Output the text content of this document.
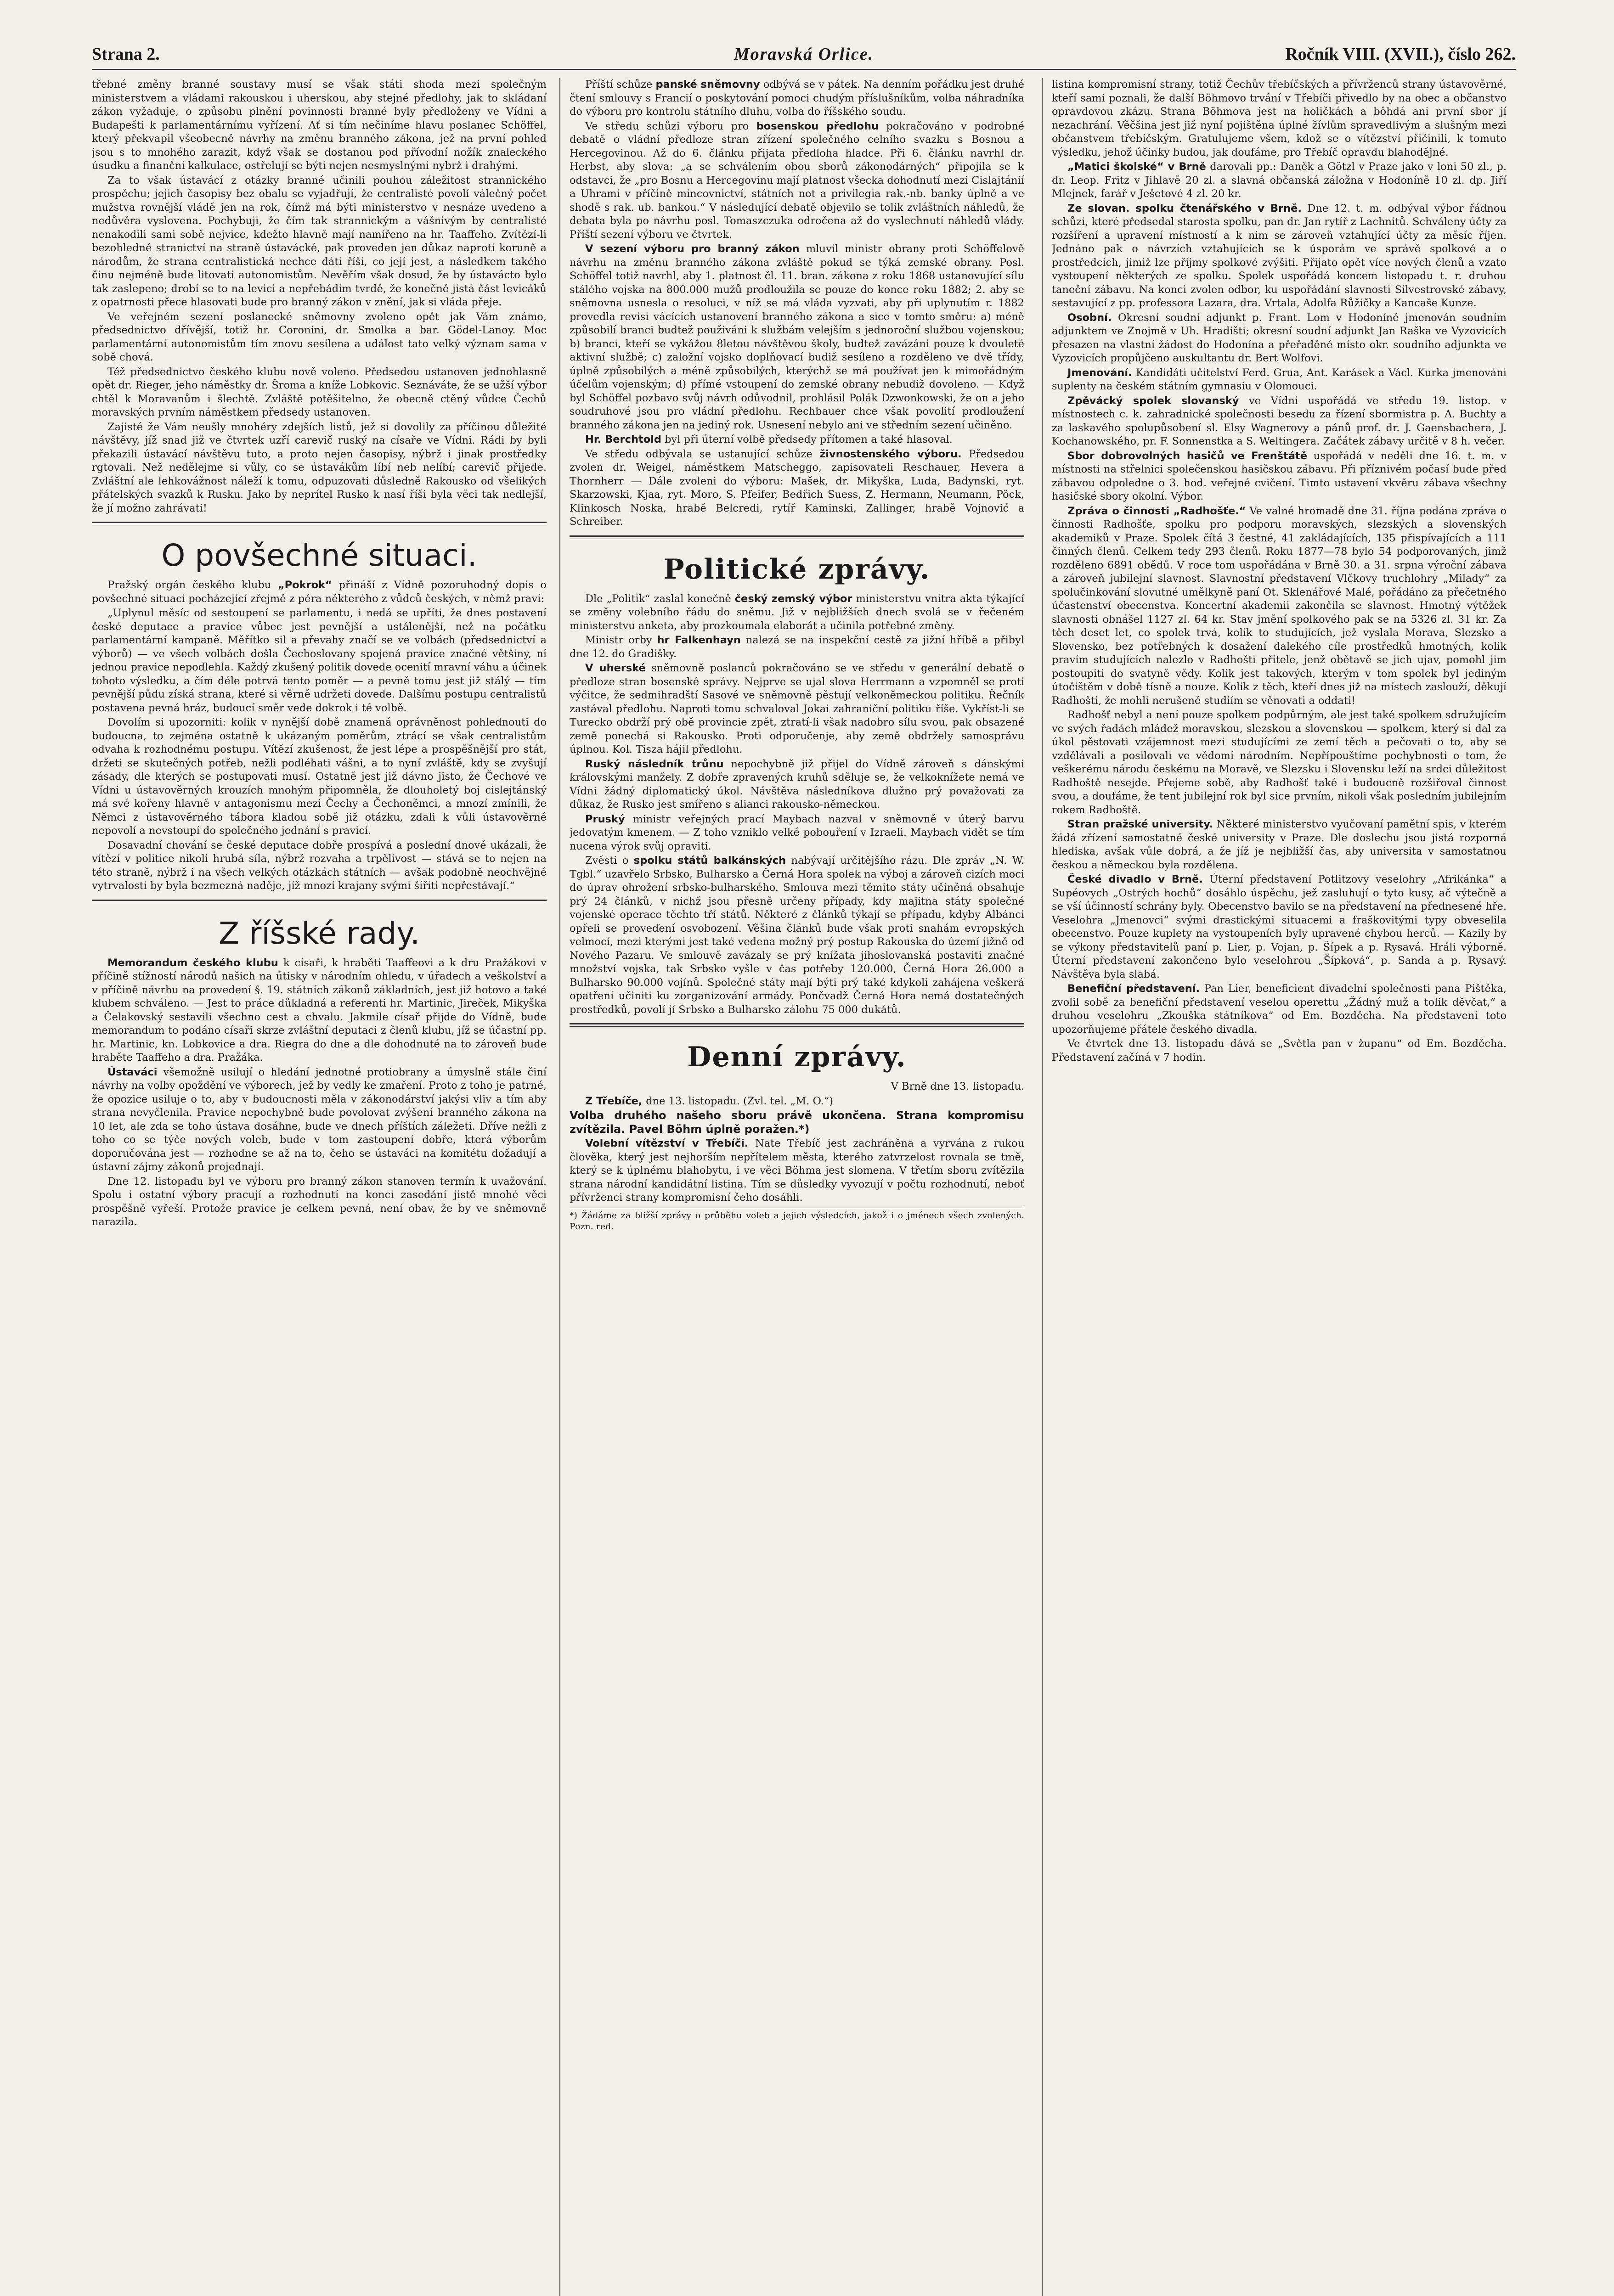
Strana 2.	Moravská Orlice.	Ročník VIII. (XVII.), číslo 262.

třebné změny branné soustavy musí se však státi shoda mezi společným ministerstvem a vládami rakouskou i uherskou, aby stejné předlohy, jak to skládaní zákon vyžaduje, o způsobu plnění povinnosti branné byly předloženy ve Vídni a Budapešti k parlamentárnímu vyřízení. Ať si tím nečiníme hlavu poslanec Schöffel, který překvapil všeobecně návrhy na změnu branného zákona, jež na první pohled jsou s to mnohého zarazit, když však se dostanou pod přívodní nožík znaleckého úsudku a finanční kalkulace, ostřelují se býti nejen nesmyslnými nybrž i drahými.

Za to však ústavácí z otázky branné učinili pouhou záležitost strannického prospěchu; jejich časopisy bez obalu se vyjadřují, že centralisté povolí válečný počet mužstva rovnější vládě jen na rok, čímž má býti ministerstvo v nesnáze uvedeno a nedůvěra vyslovena. Pochybuji, že čím tak strannickým a vášnivým by centralisté nenakodili sami sobě nejvice, kdežto hlavně mají namířeno na hr. Taaffeho. Zvítězí-li bezohledné stranictví na straně ústavácké, pak proveden jen důkaz naproti koruně a národům, že strana centralistická nechce dáti říši, co její jest, a následkem takého činu nejméně bude litovati autonomistům. Nevěřím však dosud, že by ústavácto bylo tak zaslepeno; drobí se to na levici a nepřebádím tvrdě, že konečně jistá část levicáků z opatrnosti přece hlasovati bude pro branný zákon v znění, jak si vláda přeje.

Ve veřejném sezení poslanecké sněmovny zvoleno opět jak Vám známo, předsednictvo dřívější, totiž hr. Coronini, dr. Smolka a bar. Gödel-Lanoy. Moc parlamentární autonomistům tím znovu sesílena a událost tato velký význam sama v sobě chová.

Též předsednictvo českého klubu nově voleno. Předsedou ustanoven jednohlasně opět dr. Rieger, jeho náměstky dr. Šroma a kníže Lobkovic. Seznáváte, že se užší výbor chtěl k Moravanům i šlechtě. Zvláště potěšitelno, že obecně ctěný vůdce Čechů moravských prvním náměstkem předsedy ustanoven.

Zajisté že Vám neušly mnohéry zdejších listů, jež si dovolily za příčinou důležité návštěvy, jíž snad již ve čtvrtek uzří carevič ruský na císaře ve Vídni. Rádi by byli překazili ústavácí návštěvu tuto, a proto nejen časopisy, nýbrž i jinak prostředky rgtovali. Než nedělejme si vůly, co se ústavákům líbí neb nelíbí; carevič přijede. Zvláštní ale lehkovážnost náleží k tomu, odpuzovati důsledně Rakousko od všelikých přátelských svazků k Rusku. Jako by neprítel Rusko k nasí říši byla věci tak nedlejší, že jí možno zahrávati!

O povšechné situaci.

Pražský orgán českého klubu „Pokrok“ přináší z Vídně pozoruhodný dopis o povšechné situaci pocházející zřejmě z péra některého z vůdců českých, v němž praví:

„Uplynul měsíc od sestoupení se parlamentu, i nedá se upříti, že dnes postavení české deputace a pravice vůbec jest pevnější a ustálenější, než na počátku parlamentární kampaně. Měřítko sil a převahy značí se ve volbách (předsednictví a výborů) — ve všech volbách došla Čechoslovany spojená pravice značné většiny, ní jednou pravice nepodlehla. Každý zkušený politik dovede ocenití mravní váhu a účinek tohoto výsledku, a čím déle potrvá tento poměr — a pevně tomu jest již stálý — tím pevnější půdu získá strana, které si věrně udržeti dovede. Dalšímu postupu centralistů postavena pevná hráz, budoucí směr vede dokrok i té volbě.

Dovolím si upozorniti: kolik v nynější době znamená oprávněnost pohlednouti do budoucna, to zejména ostatně k ukázaným poměrům, ztrácí se však centralistům odvaha k rozhodnému postupu. Vítězí zkušenost, že jest lépe a prospěšnější pro stát, držeti se skutečných potřeb, nežli podléhati vášni, a to nyní zvláště, kdy se zvyšují zásady, dle kterých se postupovati musí. Ostatně jest již dávno jisto, že Čechové ve Vídni u ústavověrných krouzích mnohým připomněla, že dlouholetý boj cislejtánský má své kořeny hlavně v antagonismu mezi Čechy a Čechoněmci, a mnozí zmínili, že Němci z ústavověrného tábora kladou sobě již otázku, zdali k vůli ústavověrné nepovolí a nevstoupí do společného jednání s pravicí.

Dosavadní chování se české deputace dobře prospívá a poslední dnové ukázali, že vítězí v politice nikoli hrubá síla, nýbrž rozvaha a trpělivost — stává se to nejen na této straně, nýbrž i na všech velkých otázkách státních — avšak podobně neochvějné vytrvalosti by byla bezmezná naděje, jíž mnozí krajany svými šířiti nepřestávají.“

Z říšské rady.

Memorandum českého klubu k císaři, k hraběti Taaffeovi a k dru Pražákovi v příčině stížností národů našich na útisky v národním ohledu, v úřadech a veškolství a v příčině návrhu na provedení §. 19. státních zákonů základních, jest již hotovo a také klubem schváleno. — Jest to práce důkladná a referenti hr. Martinic, Jireček, Mikyška a Čelakovský sestavili všechno cest a chvalu. Jakmile císař přijde do Vídně, bude memorandum to podáno císaři skrze zvláštní deputaci z členů klubu, jíž se účastní pp. hr. Martinic, kn. Lobkovice a dra. Riegra do dne a dle dohodnuté na to zároveň bude hraběte Taaffeho a dra. Pražáka.

Ústaváci všemožně usilují o hledání jednotné protiobrany a úmyslně stále činí návrhy na volby opoždění ve výborech, jež by vedly ke zmaření. Proto z toho je patrné, že opozice usiluje o to, aby v budoucnosti měla v zákonodárství jakýsi vliv a tím aby strana nevyčlenila. Pravice nepochybně bude povolovat zvýšení branného zákona na 10 let, ale zda se toho ústava dosáhne, bude ve dnech příštích záležeti. Dříve nežli z toho co se týče nových voleb, bude v tom zastoupení dobře, která výborům doporučována jest — rozhodne se až na to, čeho se ústaváci na komitétu dožadují a ústavní zájmy zákonů projednají.

Dne 12. listopadu byl ve výboru pro branný zákon stanoven termín k uvažování. Spolu i ostatní výbory pracují a rozhodnutí na konci zasedání jistě mnohé věci prospěšně vyřeší. Protože pravice je celkem pevná, není obav, že by ve sněmovně narazila.

Příští schůze panské sněmovny odbývá se v pátek. Na denním pořádku jest druhé čtení smlouvy s Francií o poskytování pomoci chudým příslušníkům, volba náhradníka do výboru pro kontrolu státního dluhu, volba do říšského soudu.

Ve středu schůzi výboru pro bosenskou předlohu pokračováno v podrobné debatě o vládní předloze stran zřízení společného celního svazku s Bosnou a Hercegovinou. Až do 6. článku přijata předloha hladce. Při 6. článku navrhl dr. Herbst, aby slova: „a se schválením obou sborů zákonodárných“ připojila se k odstavci, že „pro Bosnu a Hercegovinu mají platnost všecka dohodnutí mezi Cislajtánií a Uhrami v příčině mincovnictví, státních not a privilegia rak.-nb. banky úplně a ve shodě s rak. ub. bankou.“ V následující debatě objevilo se tolik zvláštních náhledů, že debata byla po návrhu posl. Tomaszczuka odročena až do vyslechnutí náhledů vlády. Příští sezení výboru ve čtvrtek.

V sezení výboru pro branný zákon mluvil ministr obrany proti Schöffelově návrhu na změnu branného zákona zvláště pokud se týká zemské obrany. Posl. Schöffel totiž navrhl, aby 1. platnost čl. 11. bran. zákona z roku 1868 ustanovující sílu stálého vojska na 800.000 mužů prodloužila se pouze do konce roku 1882; 2. aby se sněmovna usnesla o resoluci, v níž se má vláda vyzvati, aby při uplynutím r. 1882 provedla revisi vácících ustanovení branného zákona a sice v tomto směru: a) méně způsobilí branci budtež použiváni k službám velejším s jednoroční službou vojenskou; b) branci, kteří se vykážou 8letou návštěvou školy, budtež zavázáni pouze k dvouleté aktivní službě; c) založní vojsko doplňovací budiž sesíleno a rozděleno ve dvě třídy, úplně způsobilých a méně způsobilých, kterýchž se má používat jen k mimořádným účelům vojenským; d) přímé vstoupení do zemské obrany nebudiž dovoleno. — Když byl Schöffel pozbavo svůj návrh odůvodnil, prohlásil Polák Dzwonkowski, že on a jeho soudruhové jsou pro vládní předlohu. Rechbauer chce však povolití prodloužení branného zákona jen na jediný rok. Usnesení nebylo ani ve středním sezení učiněno.

Hr. Berchtold byl při úterní volbě předsedy přítomen a také hlasoval.

Ve středu odbývala se ustanující schůze živnostenského výboru. Předsedou zvolen dr. Weigel, náměstkem Matscheggo, zapisovateli Reschauer, Hevera a Thornherr — Dále zvoleni do výboru: Mašek, dr. Mikyška, Luda, Badynski, ryt. Skarzowski, Kjaa, ryt. Moro, S. Pfeifer, Bedřich Suess, Z. Hermann, Neumann, Pöck, Klinkosch Noska, hrabě Belcredi, rytíř Kaminski, Zallinger, hrabě Vojnović a Schreiber.

Politické zprávy.

Dle „Politik“ zaslal konečně český zemský výbor ministerstvu vnitra akta týkající se změny volebního řádu do sněmu. Již v nejbližších dnech svolá se v řečeném ministerstvu anketa, aby prozkoumala elaborát a učinila potřebné změny.

Ministr orby hr Falkenhayn nalezá se na inspekční cestě za jižní hříbě a přibyl dne 12. do Gradišky.

V uherské sněmovně poslanců pokračováno se ve středu v generální debatě o předloze stran bosenské správy. Nejprve se ujal slova Herrmann a vzpomněl se proti výčitce, že sedmihradští Sasové ve sněmovně pěstují velkoněmeckou politiku. Řečník zastával předlohu. Naproti tomu schvaloval Jokai zahraniční politiku říše. Vykříst-li se Turecko obdrží prý obě provincie zpět, ztratí-li však nadobro sílu svou, pak obsazené země ponechá si Rakousko. Proti odporučenje, aby země obdržely samosprávu úplnou. Kol. Tisza hájil předlohu.

Ruský následník trůnu nepochybně již přijel do Vídně zároveň s dánskými královskými manžely. Z dobře zpravených kruhů sděluje se, že velkoknížete nemá ve Vídni žádný diplomatický úkol. Návštěva následníkova dlužno prý považovati za důkaz, že Rusko jest smířeno s alianci rakousko-německou.

Pruský ministr veřejných prací Maybach nazval v sněmovně v úterý barvu jedovatým kmenem. — Z toho vzniklo velké pobouření v Izraeli. Maybach vidět se tím nucena výrok svůj opraviti.

Zvěsti o spolku států balkánských nabývají určitějšího rázu. Dle zpráv „N. W. Tgbl.“ uzavřelo Srbsko, Bulharsko a Černá Hora spolek na výboj a zároveň cizích moci do úprav ohrožení srbsko-bulharského. Smlouva mezi těmito státy učiněná obsahuje prý 24 článků, v nichž jsou přesně určeny případy, kdy majitna státy společné vojenské operace těchto tří států. Některé z článků týkají se případu, kdyby Albánci opřeli se proveďení osvobození. Věšina článků bude však proti snahám evropských velmocí, mezi kterými jest také vedena možný prý postup Rakouska do území jižně od Nového Pazaru. Ve smlouvě zavázaly se prý knížata jihoslovanská postaviti značné množství vojska, tak Srbsko vyšle v čas potřeby 120.000, Černá Hora 26.000 a Bulharsko 90.000 vojínů. Společné státy mají býti prý také kdykoli zahájena veškerá opatření učiniti ku zorganizování armády. Pončvadž Černá Hora nemá dostatečných prostředků, povolí jí Srbsko a Bulharsko zálohu 75 000 dukátů.

Denní zprávy.

V Brně dne 13. listopadu.

Z Třebíče, dne 13. listopadu. (Zvl. tel. „M. O.“)

Volba druhého našeho sboru právě ukončena. Strana kompromisu zvítězila. Pavel Böhm úplně poražen.*)

Volební vítězství v Třebíči. Nate Třebíč jest zachráněna a vyrvána z rukou člověka, který jest nejhorším nepřítelem města, kterého zatvrzelost rovnala se tmě, který se k úplnému blahobytu, i ve věci Böhma jest slomena. V třetím sboru zvítězila strana národní kandidátní listina. Tím se důsledky vyvozují v počtu rozhodnutí, neboť přívrženci strany kompromisní čeho dosáhli.

*) Žádáme za bližší zprávy o průběhu voleb a jejich výsledcích, jakož i o jménech všech zvolených. Pozn. red.

listina kompromisní strany, totiž Čechův třebíčských a přívrženců strany ústavověrné, kteří sami poznali, že další Böhmovo trvání v Třebíči přivedlo by na obec a občanstvo opravdovou zkázu. Strana Böhmova jest na holičkách a bôhdá ani první sbor jí nezachrání. Věčšina jest již nyní pojištěna úplné žívlům spravedlivým a slušným mezi občanstvem třebíčským. Gratulujeme všem, kdož se o vítězství přičinili, k tomuto výsledku, jehož účinky budou, jak doufáme, pro Třebíč opravdu blahodějné.

„Matici školské“ v Brně darovali pp.: Daněk a Götzl v Praze jako v loni 50 zl., p. dr. Leop. Fritz v Jihlavě 20 zl. a slavná občanská záložna v Hodoníně 10 zl. dp. Jiří Mlejnek, farář v Ješetové 4 zl. 20 kr.

Ze slovan. spolku čtenářského v Brně. Dne 12. t. m. odbýval výbor řádnou schůzi, které předsedal starosta spolku, pan dr. Jan rytíř z Lachnitů. Schváleny účty za rozšíření a upravení místností a k nim se zároveň vztahující účty za měsíc říjen. Jednáno pak o návrzích vztahujících se k úsporám ve správě spolkové a o prostředcích, jimiž lze příjmy spolkové zvýšiti. Přijato opět více nových členů a vzato vystoupení některých ze spolku. Spolek uspořádá koncem listopadu t. r. druhou taneční zábavu. Na konci zvolen odbor, ku uspořádání slavnosti Silvestrovské zábavy, sestavující z pp. professora Lazara, dra. Vrtala, Adolfa Růžičky a Kancaše Kunze.

Osobní. Okresní soudní adjunkt p. Frant. Lom v Hodoníně jmenován soudním adjunktem ve Znojmě v Uh. Hradišti; okresní soudní adjunkt Jan Raška ve Vyzovicích přesazen na vlastní žádost do Hodonína a přeřaděné místo okr. soudního adjunkta ve Vyzovicích propůjčeno auskultantu dr. Bert Wolfovi.

Jmenování. Kandidáti učitelství Ferd. Grua, Ant. Karásek a Václ. Kurka jmenováni suplenty na českém státním gymnasiu v Olomouci.

Zpěvácký spolek slovanský ve Vídni uspořádá ve středu 19. listop. v místnostech c. k. zahradnické společnosti besedu za řízení sbormistra p. A. Buchty a za laskavého spolupůsobení sl. Elsy Wagnerovy a pánů prof. dr. J. Gaensbachera, J. Kochanowského, pr. F. Sonnenstka a S. Weltingera. Začátek zábavy určitě v 8 h. večer.

Sbor dobrovolných hasičů ve Frenštátě uspořádá v neděli dne 16. t. m. v místnosti na střelnici společenskou hasičskou zábavu. Při příznivém počasí bude před zábavou odpoledne o 3. hod. veřejné cvičení. Timto ustavení vkvěru zábava všechny hasičské sbory okolní. Výbor.

Zpráva o činnosti „Radhošťe.“ Ve valné hromadě dne 31. října podána zpráva o činnosti Radhošťe, spolku pro podporu moravských, slezských a slovenských akademiků v Praze. Spolek čítá 3 čestné, 41 zakládajících, 135 přispívajících a 111 činných členů. Celkem tedy 293 členů. Roku 1877—78 bylo 54 podporovaných, jimž rozděleno 6891 obědů. V roce tom uspořádána v Brně 30. a 31. srpna výroční zábava a zároveň jubilejní slavnost. Slavnostní představení Vlčkovy truchlohry „Milady“ za spolučinkování slovutné umělkyně paní Ot. Sklenářové Malé, pořádáno za přečetného účastenství obecenstva. Koncertní akademii zakončila se slavnost. Hmotný výtěžek slavnosti obnášel 1127 zl. 64 kr. Stav jmění spolkového pak se na 5326 zl. 31 kr. Za těch deset let, co spolek trvá, kolik to studujících, jež vyslala Morava, Slezsko a Slovensko, bez potřebných k dosažení dalekého cíle prostředků hmotných, kolik pravím studujících nalezlo v Radhošti přítele, jenž obětavě se jich ujav, pomohl jim postoupiti do svatyně vědy. Kolik jest takových, kterým v tom spolek byl jediným útočištěm v době tísně a nouze. Kolik z těch, kteří dnes již na místech zaslouží, děkují Radhošti, že mohli nerušeně studiím se věnovati a oddati!

Radhošť nebyl a není pouze spolkem podpůrným, ale jest také spolkem sdružujícím ve svých řadách mládež moravskou, slezskou a slovenskou — spolkem, který si dal za úkol pěstovati vzájemnost mezi studujícími ze zemí těch a pečovati o to, aby se vzdělávali a posilovali ve vědomí národním. Nepřípouštíme pochybnosti o tom, že veškerému národu českému na Moravě, ve Slezsku i Slovensku leží na srdci důležitost Radhoště nesejde. Přejeme sobě, aby Radhošť také i budoucně rozšiřoval činnost svou, a doufáme, že tent jubilejní rok byl sice prvním, nikoli však posledním jubilejním rokem Radhoště.

Stran pražské university. Některé ministerstvo vyučovaní pamětní spis, v kterém žádá zřízení samostatné české university v Praze. Dle doslechu jsou jistá rozporná hlediska, avšak vůle dobrá, a že jíž je nejbližší čas, aby universita v samostatnou českou a německou byla rozdělena.

České divadlo v Brně. Úterní představení Potlitzovy veselohry „Afrikánka“ a Supéovych „Ostrých hochů“ dosáhlo úspěchu, jež zasluhují o tyto kusy, ač výtečně a se vší účinností schrány byly. Obecenstvo bavilo se na představení na přednesené hře. Veselohra „Jmenovci“ svými drastickými situacemi a fraškovitými typy obveselila obecenstvo. Pouze kuplety na vystoupeních byly upravené chybou herců. — Kazily by se výkony představitelů paní p. Lier, p. Vojan, p. Šípek a p. Rysavá. Hráli výborně. Úterní představení zakončeno bylo veselohrou „Šípková“, p. Sanda a p. Rysavý. Návštěva byla slabá.

Benefiční představení. Pan Lier, beneficient divadelní společnosti pana Pištěka, zvolil sobě za benefiční představení veselou operettu „Žádný muž a tolik děvčat,“ a druhou veselohru „Zkouška státníkova“ od Em. Bozděcha. Na představení toto upozorňujeme přátele českého divadla.

Ve čtvrtek dne 13. listopadu dává se „Světla pan v županu“ od Em. Bozděcha. Představení začíná v 7 hodin.
